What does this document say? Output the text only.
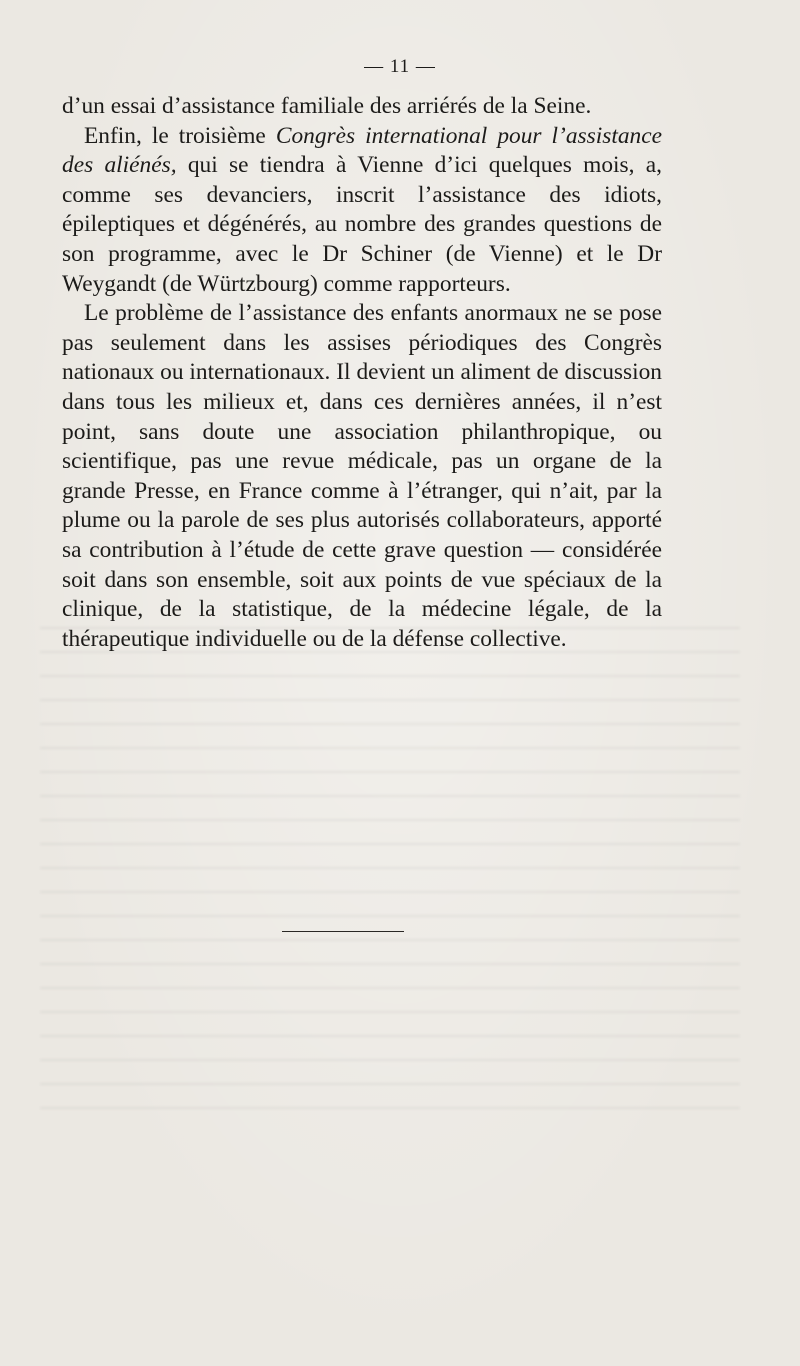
— 11 —

d’un essai d’assistance familiale des arriérés de la Seine.

Enfin, le troisième Congrès international pour l’assistance des aliénés, qui se tiendra à Vienne d’ici quelques mois, a, comme ses devanciers, inscrit l’assistance des idiots, épileptiques et dégénérés, au nombre des grandes questions de son programme, avec le Dr Schiner (de Vienne) et le Dr Weygandt (de Würtzbourg) comme rapporteurs.

Le problème de l’assistance des enfants anormaux ne se pose pas seulement dans les assises périodiques des Congrès nationaux ou internationaux. Il devient un aliment de discussion dans tous les milieux et, dans ces dernières années, il n’est point, sans doute une association philanthropique, ou scientifique, pas une revue médicale, pas un organe de la grande Presse, en France comme à l’étranger, qui n’ait, par la plume ou la parole de ses plus autorisés collaborateurs, apporté sa contribution à l’étude de cette grave question — considérée soit dans son ensemble, soit aux points de vue spéciaux de la clinique, de la statistique, de la médecine légale, de la thérapeutique individuelle ou de la défense collective.
